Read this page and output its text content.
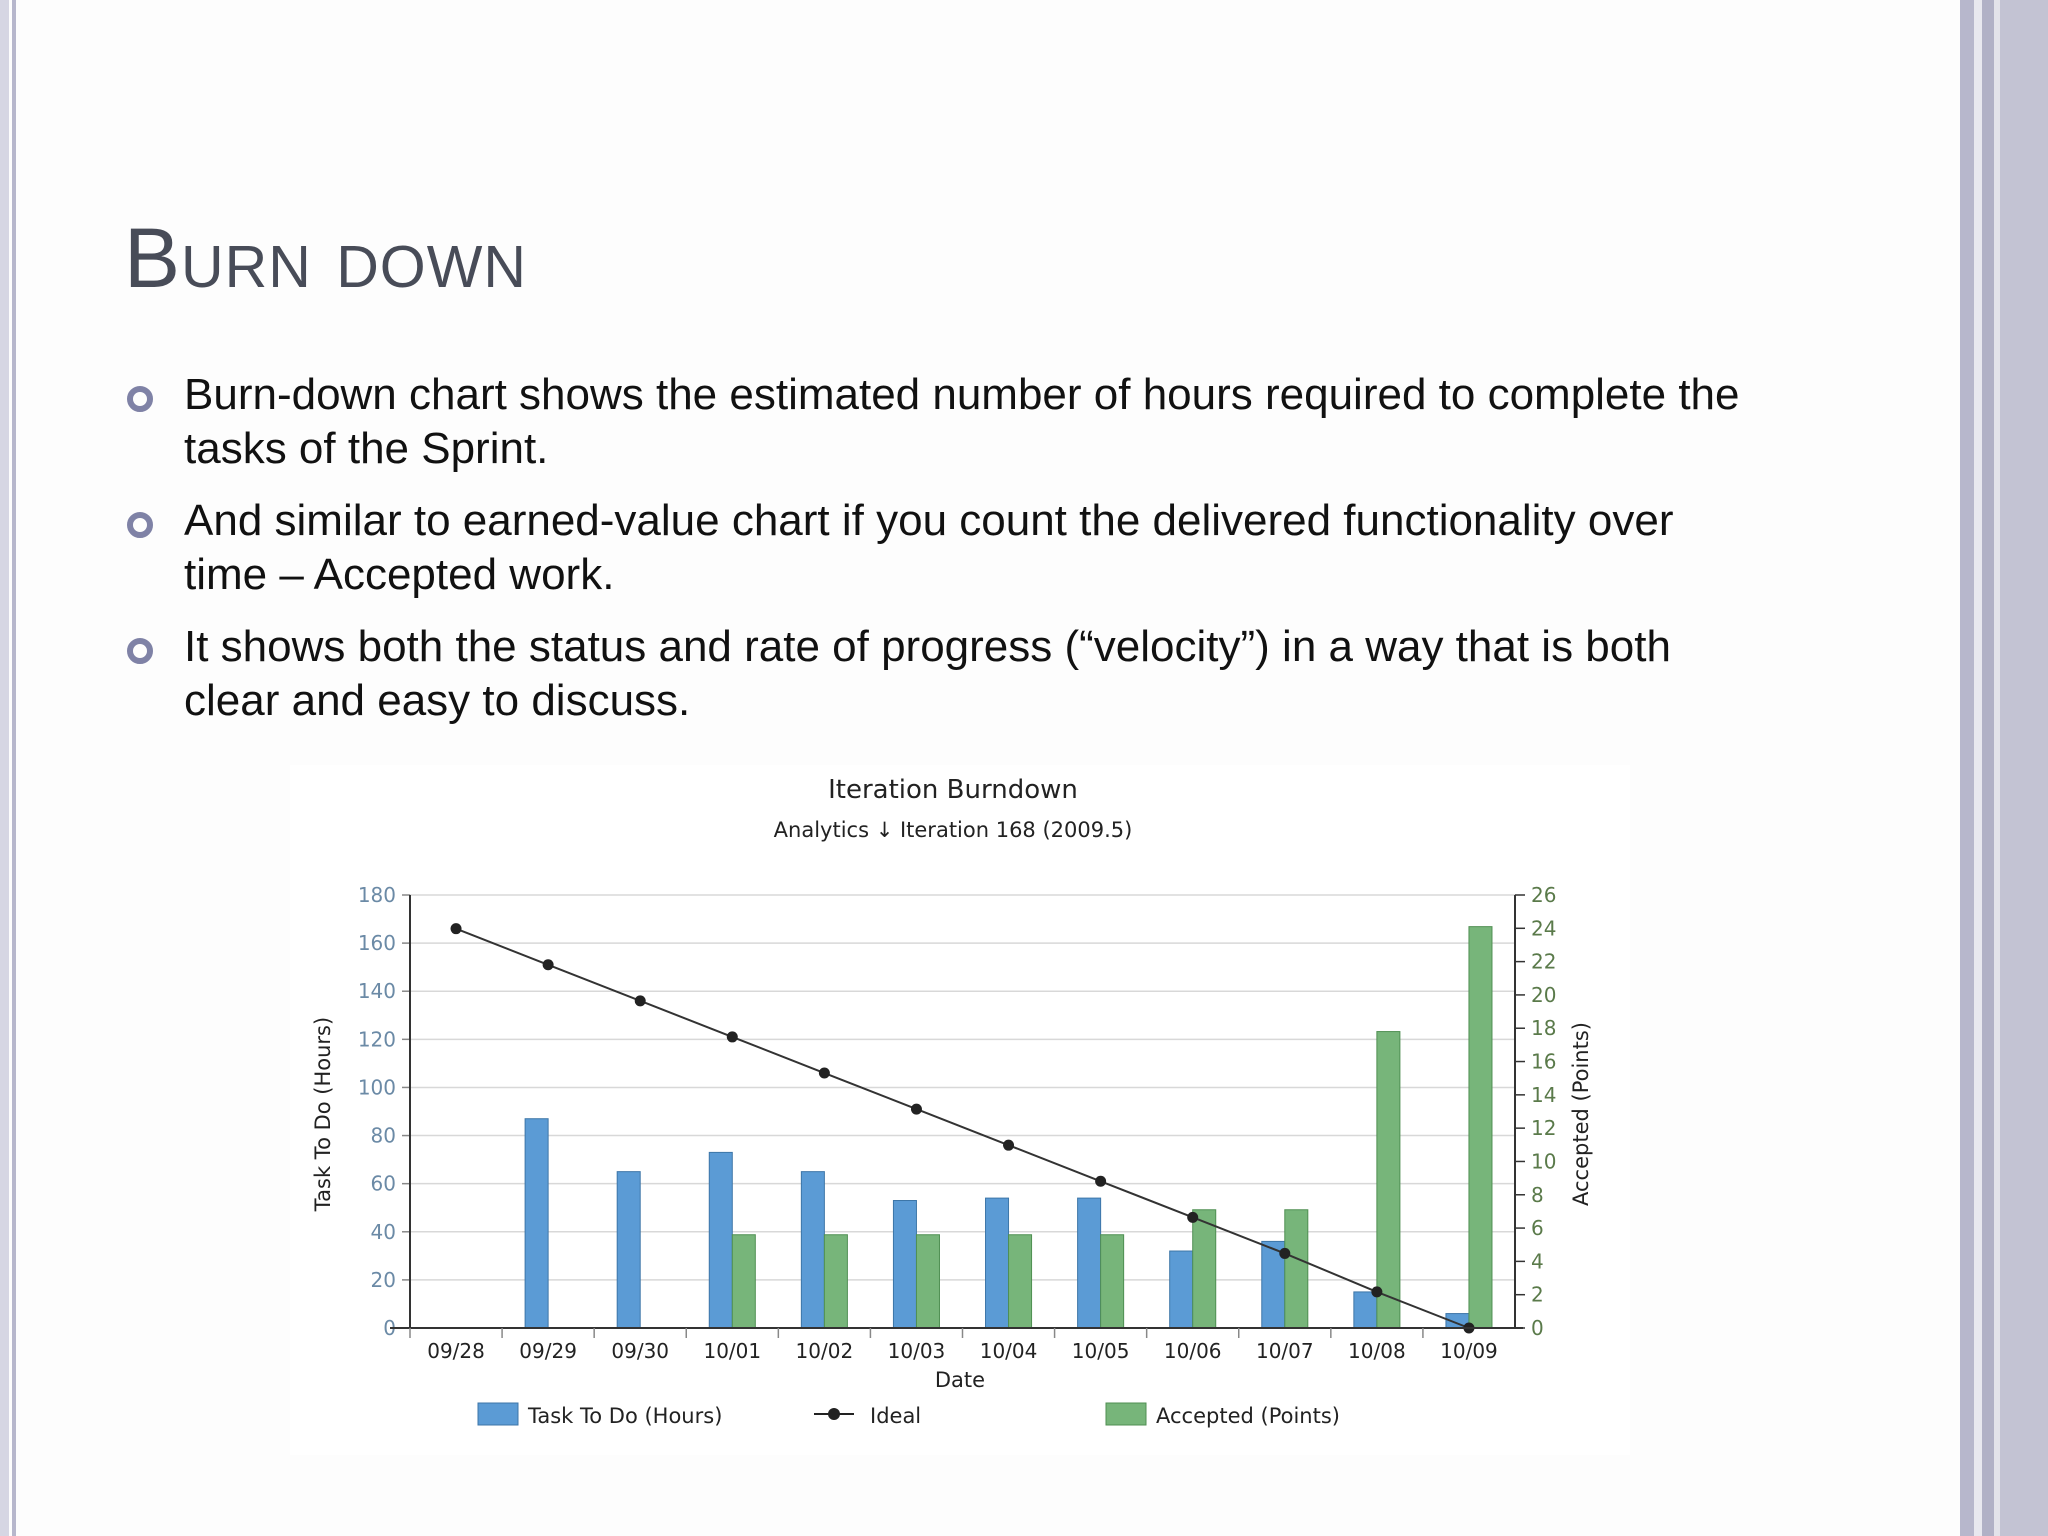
Burn down
Burn-down chart shows the estimated number of hours required to complete the tasks of the Sprint.
And similar to earned-value chart if you count the delivered functionality over time – Accepted work.
It shows both the status and rate of progress (“velocity”) in a way that is both clear and easy to discuss.
Iteration Burndown
Analytics ↓ Iteration 168 (2009.5)
0
20
40
60
80
100
120
140
160
180
0
2
4
6
8
10
12
14
16
18
20
22
24
26
09/28 09/29 09/30 10/01 10/02 10/03 10/04 10/05 10/06 10/07 10/08 10/09
Task To Do (Hours)	Accepted (Points)
Date
Task To Do (Hours)	Ideal	Accepted (Points)
